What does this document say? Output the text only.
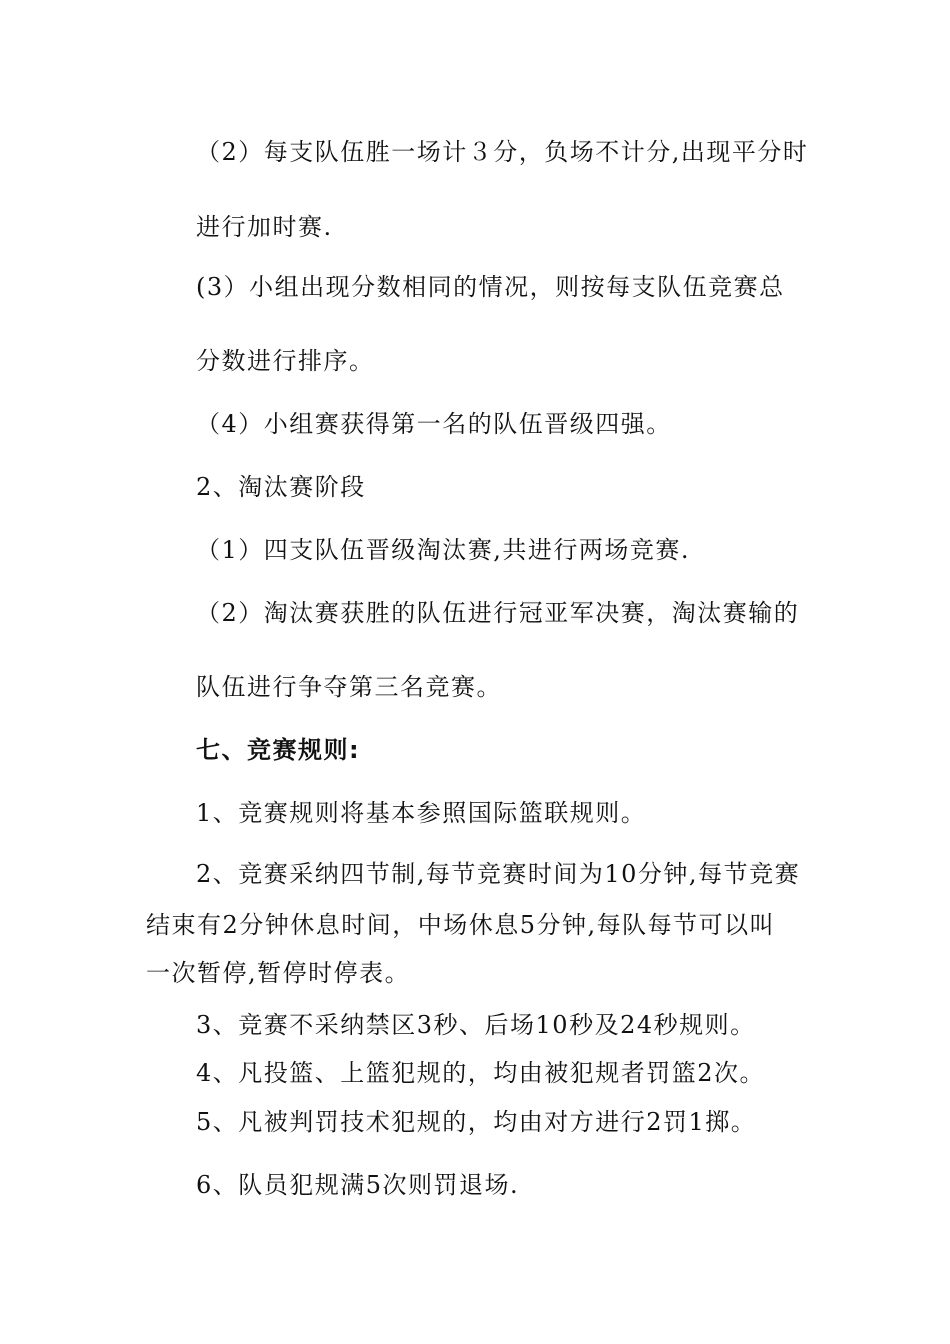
（2）每支队伍胜一场计３分，负场不计分,出现平分时
进行加时赛.
(3）小组出现分数相同的情况，则按每支队伍竞赛总
分数进行排序。
（4）小组赛获得第一名的队伍晋级四强。
2、淘汰赛阶段
（1）四支队伍晋级淘汰赛,共进行两场竞赛.
（2）淘汰赛获胜的队伍进行冠亚军决赛，淘汰赛输的
队伍进行争夺第三名竞赛。
七、竞赛规则:
1、竞赛规则将基本参照国际篮联规则。
2、竞赛采纳四节制,每节竞赛时间为10分钟,每节竞赛
结束有2分钟休息时间，中场休息5分钟,每队每节可以叫
一次暂停,暂停时停表。
3、竞赛不采纳禁区3秒、后场10秒及24秒规则。
4、凡投篮、上篮犯规的，均由被犯规者罚篮2次。
5、凡被判罚技术犯规的，均由对方进行2罚1掷。
6、队员犯规满5次则罚退场.
